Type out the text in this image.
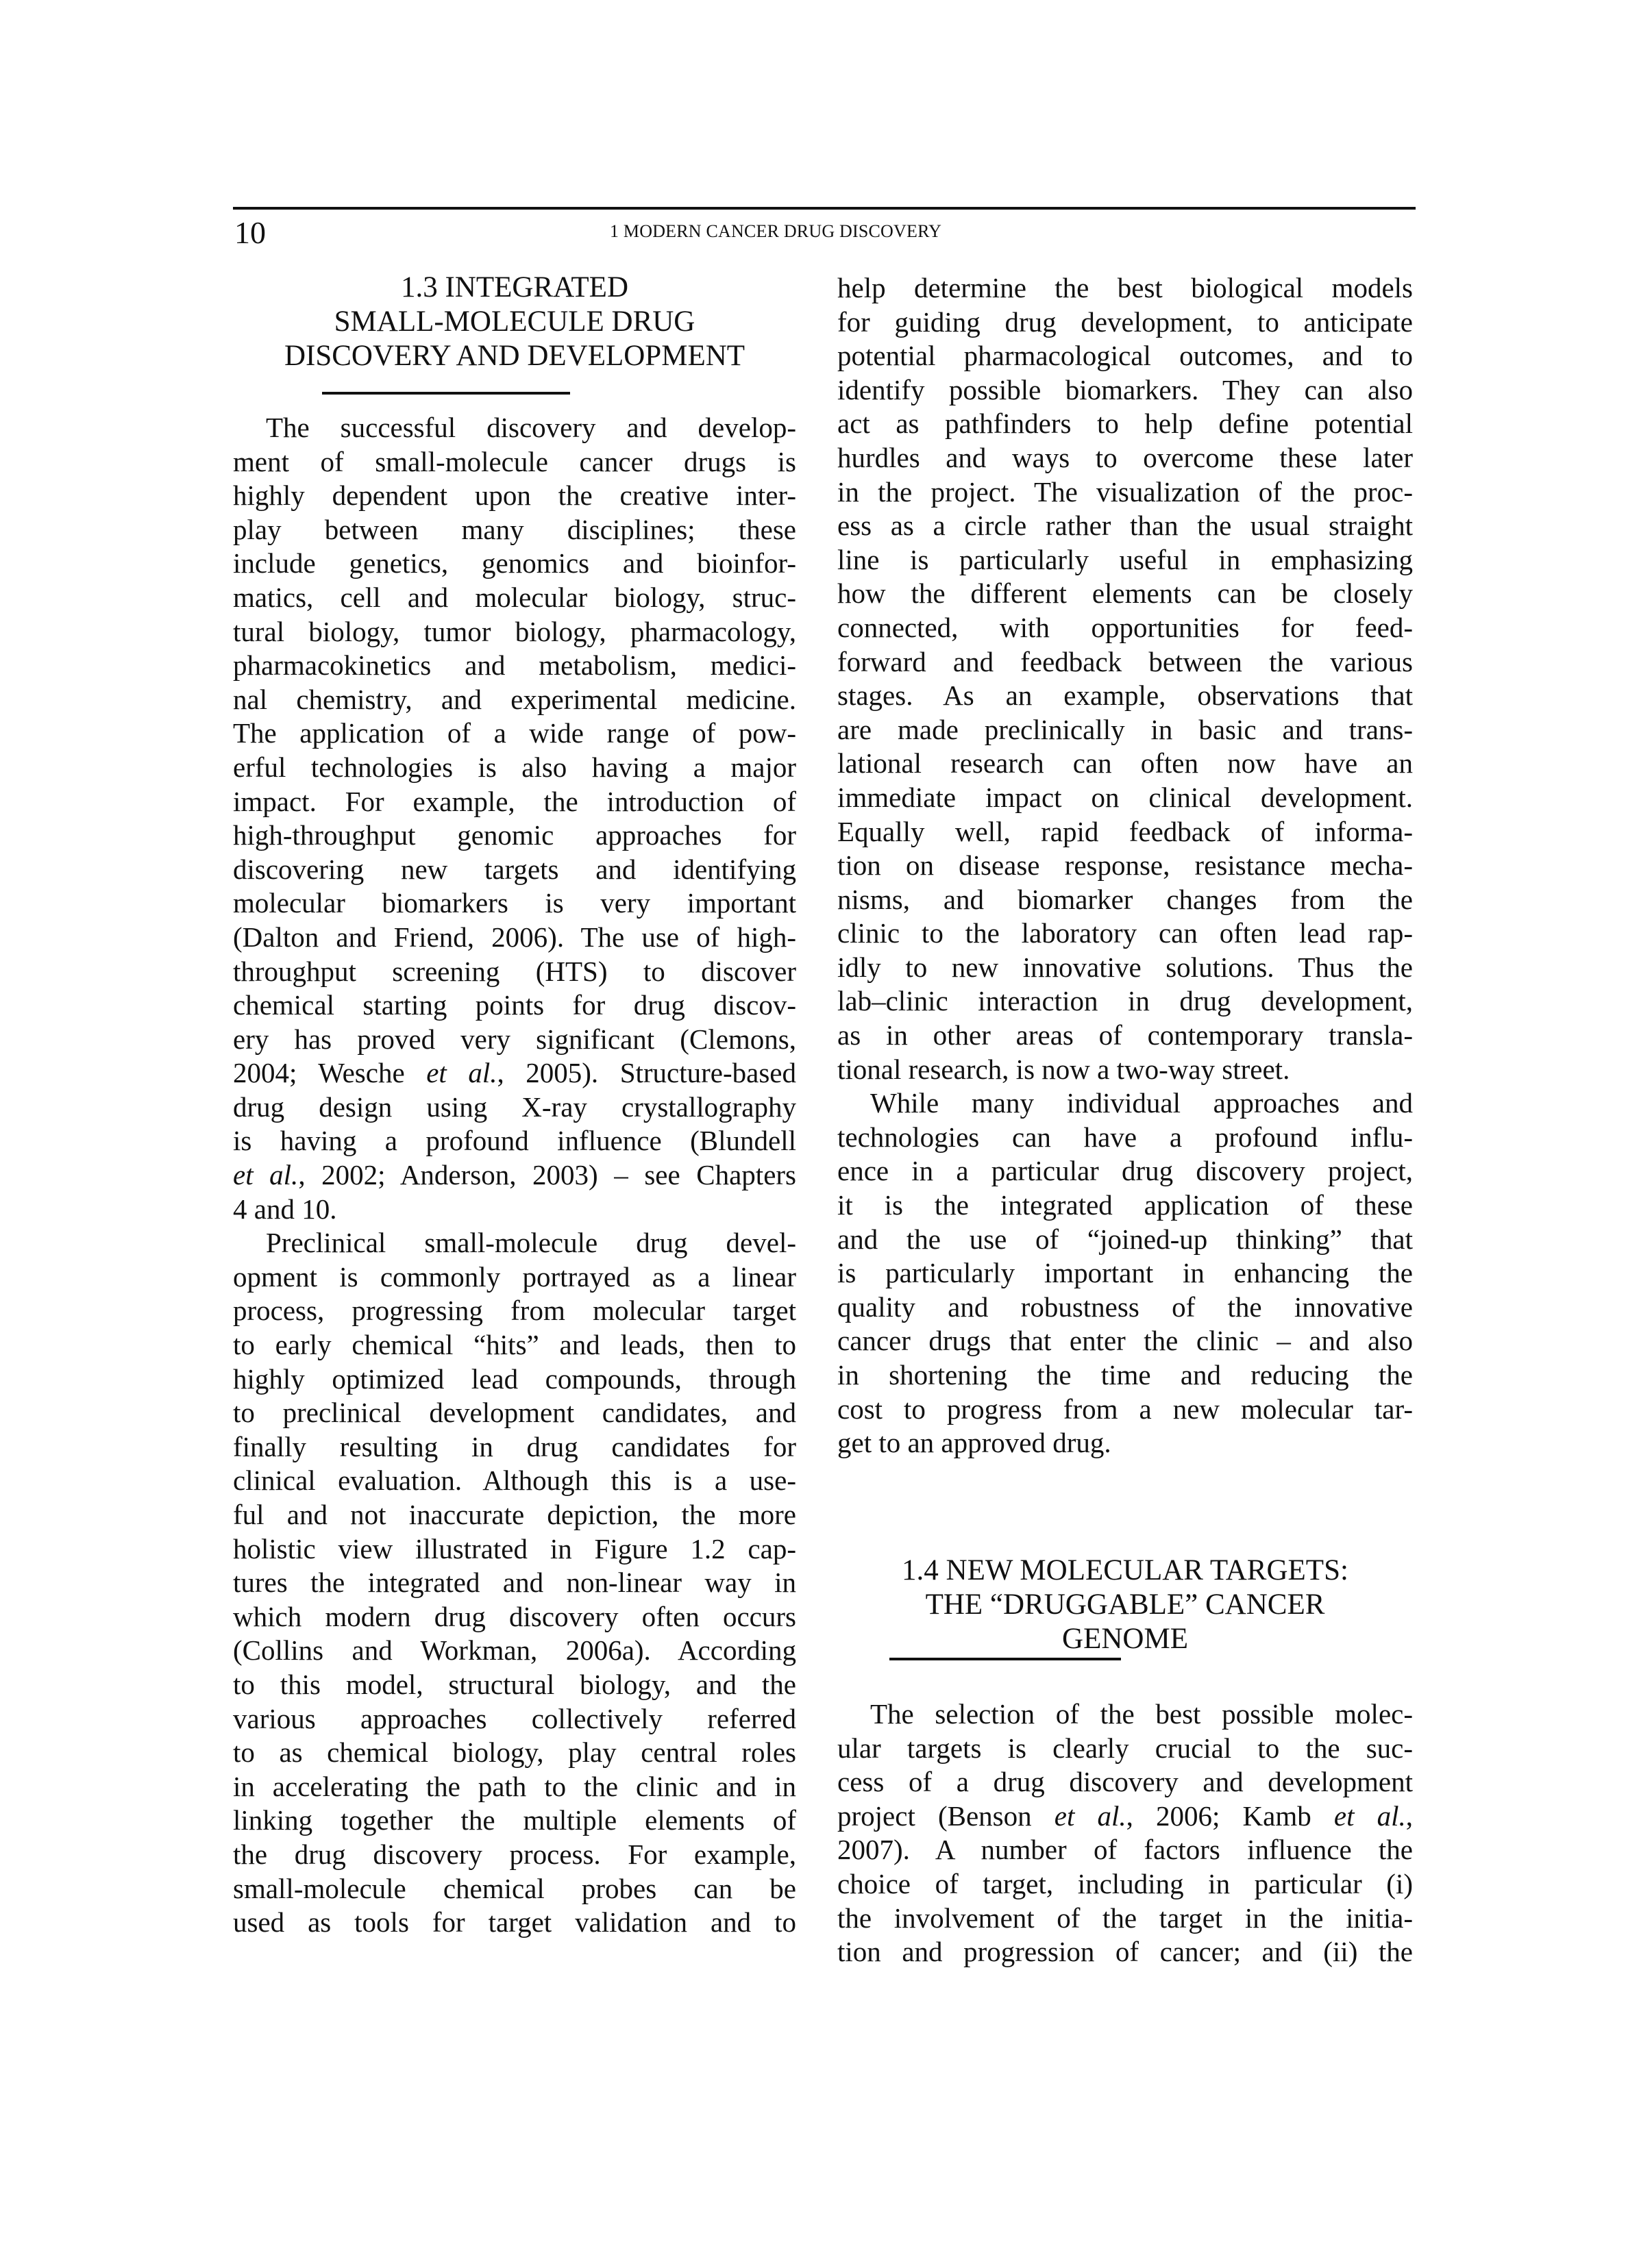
10	1 MODERN CANCER DRUG DISCOVERY
1.3 INTEGRATED
SMALL-MOLECULE DRUG
DISCOVERY AND DEVELOPMENT
The successful discovery and develop-
ment of small-molecule cancer drugs is
highly dependent upon the creative inter-
play between many disciplines; these
include genetics, genomics and bioinfor-
matics, cell and molecular biology, struc-
tural biology, tumor biology, pharmacology,
pharmacokinetics and metabolism, medici-
nal chemistry, and experimental medicine.
The application of a wide range of pow-
erful technologies is also having a major
impact. For example, the introduction of
high-throughput genomic approaches for
discovering new targets and identifying
molecular biomarkers is very important
(Dalton and Friend, 2006). The use of high-
throughput screening (HTS) to discover
chemical starting points for drug discov-
ery has proved very significant (Clemons,
2004; Wesche et al., 2005). Structure-based
drug design using X-ray crystallography
is having a profound influence (Blundell
et al., 2002; Anderson, 2003) – see Chapters
4 and 10.
Preclinical small-molecule drug devel-
opment is commonly portrayed as a linear
process, progressing from molecular target
to early chemical “hits” and leads, then to
highly optimized lead compounds, through
to preclinical development candidates, and
finally resulting in drug candidates for
clinical evaluation. Although this is a use-
ful and not inaccurate depiction, the more
holistic view illustrated in Figure 1.2 cap-
tures the integrated and non-linear way in
which modern drug discovery often occurs
(Collins and Workman, 2006a). According
to this model, structural biology, and the
various approaches collectively referred
to as chemical biology, play central roles
in accelerating the path to the clinic and in
linking together the multiple elements of
the drug discovery process. For example,
small-molecule chemical probes can be
used as tools for target validation and to
help determine the best biological models
for guiding drug development, to anticipate
potential pharmacological outcomes, and to
identify possible biomarkers. They can also
act as pathfinders to help define potential
hurdles and ways to overcome these later
in the project. The visualization of the proc-
ess as a circle rather than the usual straight
line is particularly useful in emphasizing
how the different elements can be closely
connected, with opportunities for feed-
forward and feedback between the various
stages. As an example, observations that
are made preclinically in basic and trans-
lational research can often now have an
immediate impact on clinical development.
Equally well, rapid feedback of informa-
tion on disease response, resistance mecha-
nisms, and biomarker changes from the
clinic to the laboratory can often lead rap-
idly to new innovative solutions. Thus the
lab–clinic interaction in drug development,
as in other areas of contemporary transla-
tional research, is now a two-way street.
While many individual approaches and
technologies can have a profound influ-
ence in a particular drug discovery project,
it is the integrated application of these
and the use of “joined-up thinking” that
is particularly important in enhancing the
quality and robustness of the innovative
cancer drugs that enter the clinic – and also
in shortening the time and reducing the
cost to progress from a new molecular tar-
get to an approved drug.
1.4 NEW MOLECULAR TARGETS:
THE “DRUGGABLE” CANCER
GENOME
The selection of the best possible molec-
ular targets is clearly crucial to the suc-
cess of a drug discovery and development
project (Benson et al., 2006; Kamb et al.,
2007). A number of factors influence the
choice of target, including in particular (i)
the involvement of the target in the initia-
tion and progression of cancer; and (ii) the
